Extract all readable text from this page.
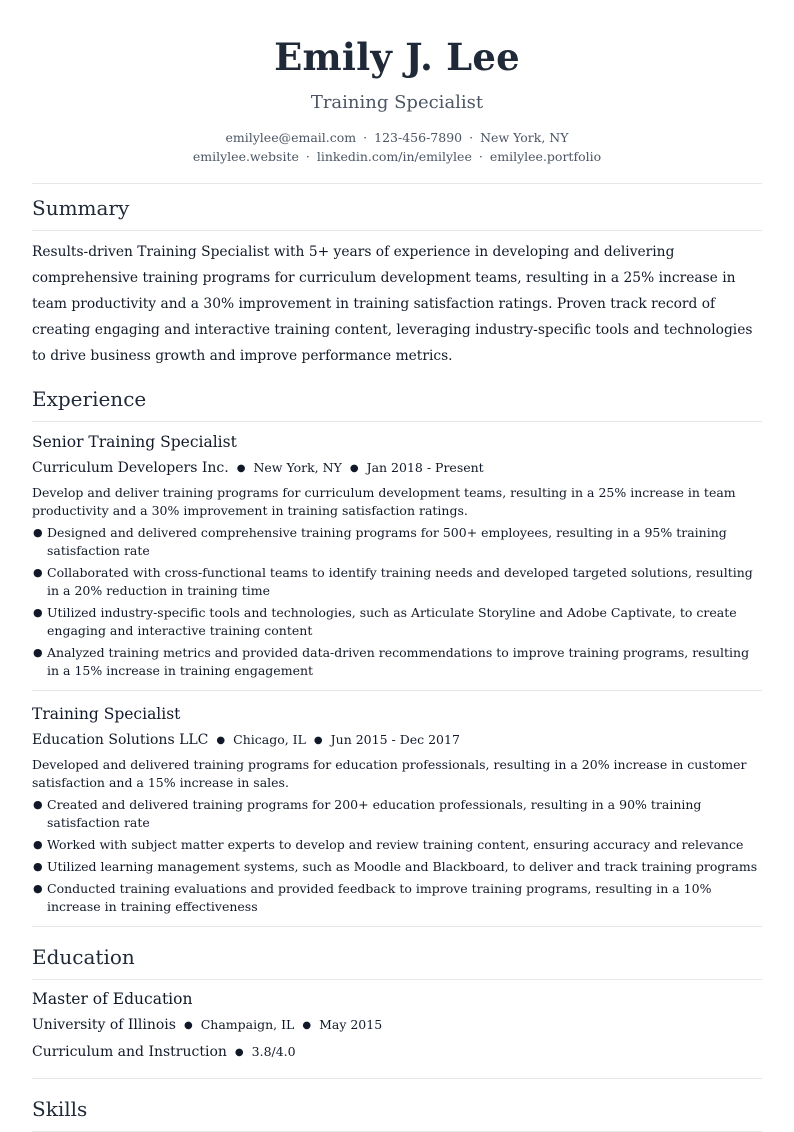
Emily J. Lee
Training Specialist
emilylee@email.com · 123-456-7890 · New York, NY
emilylee.website · linkedin.com/in/emilylee · emilylee.portfolio
Summary
Results-driven Training Specialist with 5+ years of experience in developing and delivering comprehensive training programs for curriculum development teams, resulting in a 25% increase in team productivity and a 30% improvement in training satisfaction ratings. Proven track record of creating engaging and interactive training content, leveraging industry-specific tools and technologies to drive business growth and improve performance metrics.
Experience
Senior Training Specialist
Curriculum Developers Inc. ● New York, NY ● Jan 2018 - Present
Develop and deliver training programs for curriculum development teams, resulting in a 25% increase in team productivity and a 30% improvement in training satisfaction ratings.
● Designed and delivered comprehensive training programs for 500+ employees, resulting in a 95% training satisfaction rate
● Collaborated with cross-functional teams to identify training needs and developed targeted solutions, resulting in a 20% reduction in training time
● Utilized industry-specific tools and technologies, such as Articulate Storyline and Adobe Captivate, to create engaging and interactive training content
● Analyzed training metrics and provided data-driven recommendations to improve training programs, resulting in a 15% increase in training engagement
Training Specialist
Education Solutions LLC ● Chicago, IL ● Jun 2015 - Dec 2017
Developed and delivered training programs for education professionals, resulting in a 20% increase in customer satisfaction and a 15% increase in sales.
● Created and delivered training programs for 200+ education professionals, resulting in a 90% training satisfaction rate
● Worked with subject matter experts to develop and review training content, ensuring accuracy and relevance
● Utilized learning management systems, such as Moodle and Blackboard, to deliver and track training programs
● Conducted training evaluations and provided feedback to improve training programs, resulting in a 10% increase in training effectiveness
Education
Master of Education
University of Illinois ● Champaign, IL ● May 2015
Curriculum and Instruction ● 3.8/4.0
Skills
